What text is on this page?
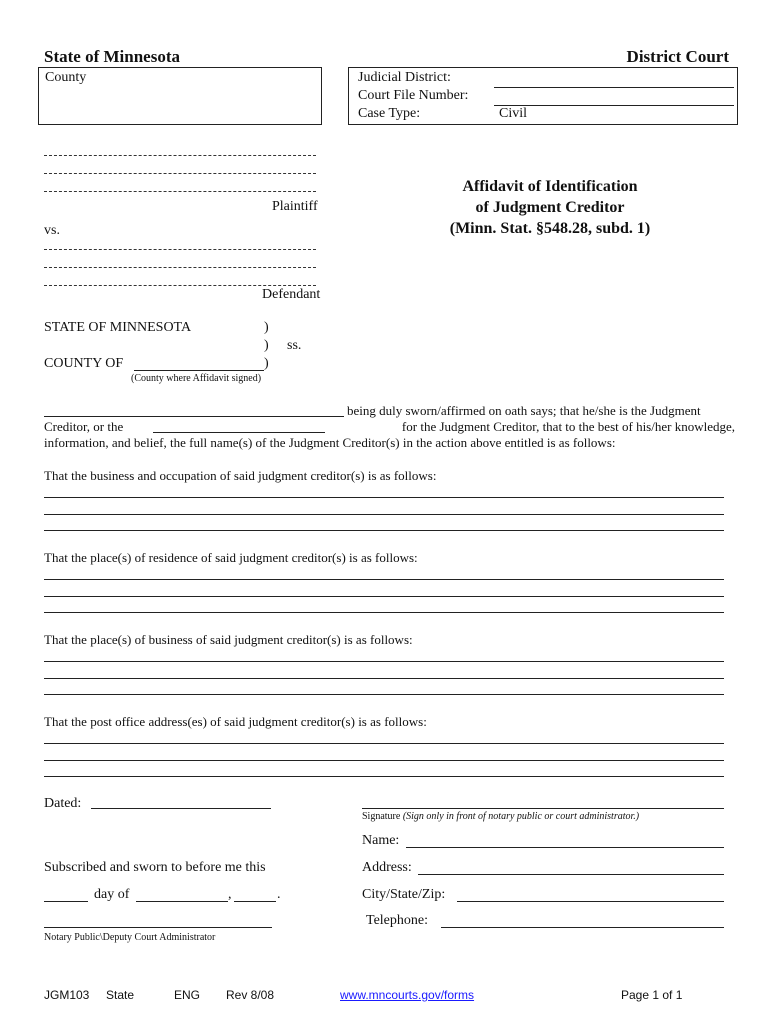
State of Minnesota	District Court
County	Judicial District:
Court File Number:
Case Type:	Civil
Plaintiff
vs.
Defendant
Affidavit of Identification
of Judgment Creditor
(Minn. Stat. §548.28, subd. 1)
STATE OF MINNESOTA	)
) ss.
COUNTY OF	)
(County where Affidavit signed)
being duly sworn/affirmed on oath says; that he/she is the Judgment
Creditor, or the	for the Judgment Creditor, that to the best of his/her knowledge,
information, and belief, the full name(s) of the Judgment Creditor(s) in the action above entitled is as follows:
That the business and occupation of said judgment creditor(s) is as follows:
That the place(s) of residence of said judgment creditor(s) is as follows:
That the place(s) of business of said judgment creditor(s) is as follows:
That the post office address(es) of said judgment creditor(s) is as follows:
Dated:
Subscribed and sworn to before me this
day of	,	.
Notary Public\Deputy Court Administrator
Signature (Sign only in front of notary public or court administrator.)
Name:
Address:
City/State/Zip:
Telephone:
JGM103 State	ENG Rev 8/08	www.mncourts.gov/forms	Page 1 of 1
